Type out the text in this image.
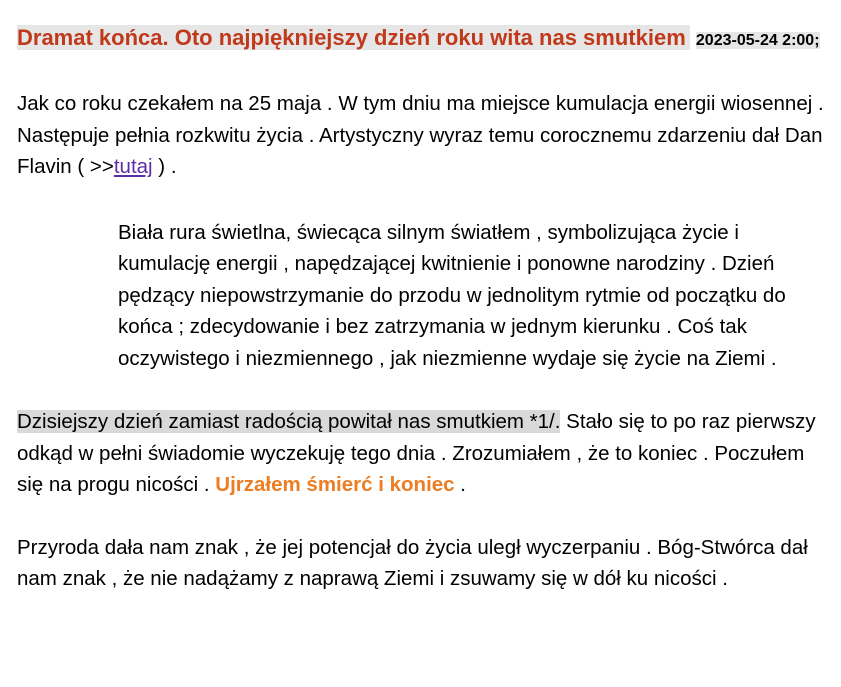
Dramat końca. Oto najpiękniejszy dzień roku wita nas smutkiem 2023-05-24 2:00;

Jak co roku czekałem na 25 maja . W tym dniu ma miejsce kumulacja energii wiosennej . Następuje pełnia rozkwitu życia . Artystyczny wyraz temu corocznemu zdarzeniu dał Dan Flavin ( >>tutaj ) .

Biała rura świetlna, świecąca silnym światłem , symbolizująca życie i kumulację energii , napędzającej kwitnienie i ponowne narodziny . Dzień pędzący niepowstrzymanie do przodu w jednolitym rytmie od początku do końca ; zdecydowanie i bez zatrzymania w jednym kierunku . Coś tak oczywistego i niezmiennego , jak niezmienne wydaje się życie na Ziemi .

Dzisiejszy dzień zamiast radością powitał nas smutkiem *1/. Stało się to po raz pierwszy odkąd w pełni świadomie wyczekuję tego dnia . Zrozumiałem , że to koniec . Poczułem się na progu nicości . Ujrzałem śmierć i koniec .

Przyroda dała nam znak , że jej potencjał do życia uległ wyczerpaniu . Bóg-Stwórca dał nam znak , że nie nadążamy z naprawą Ziemi i zsuwamy się w dół ku nicości .
